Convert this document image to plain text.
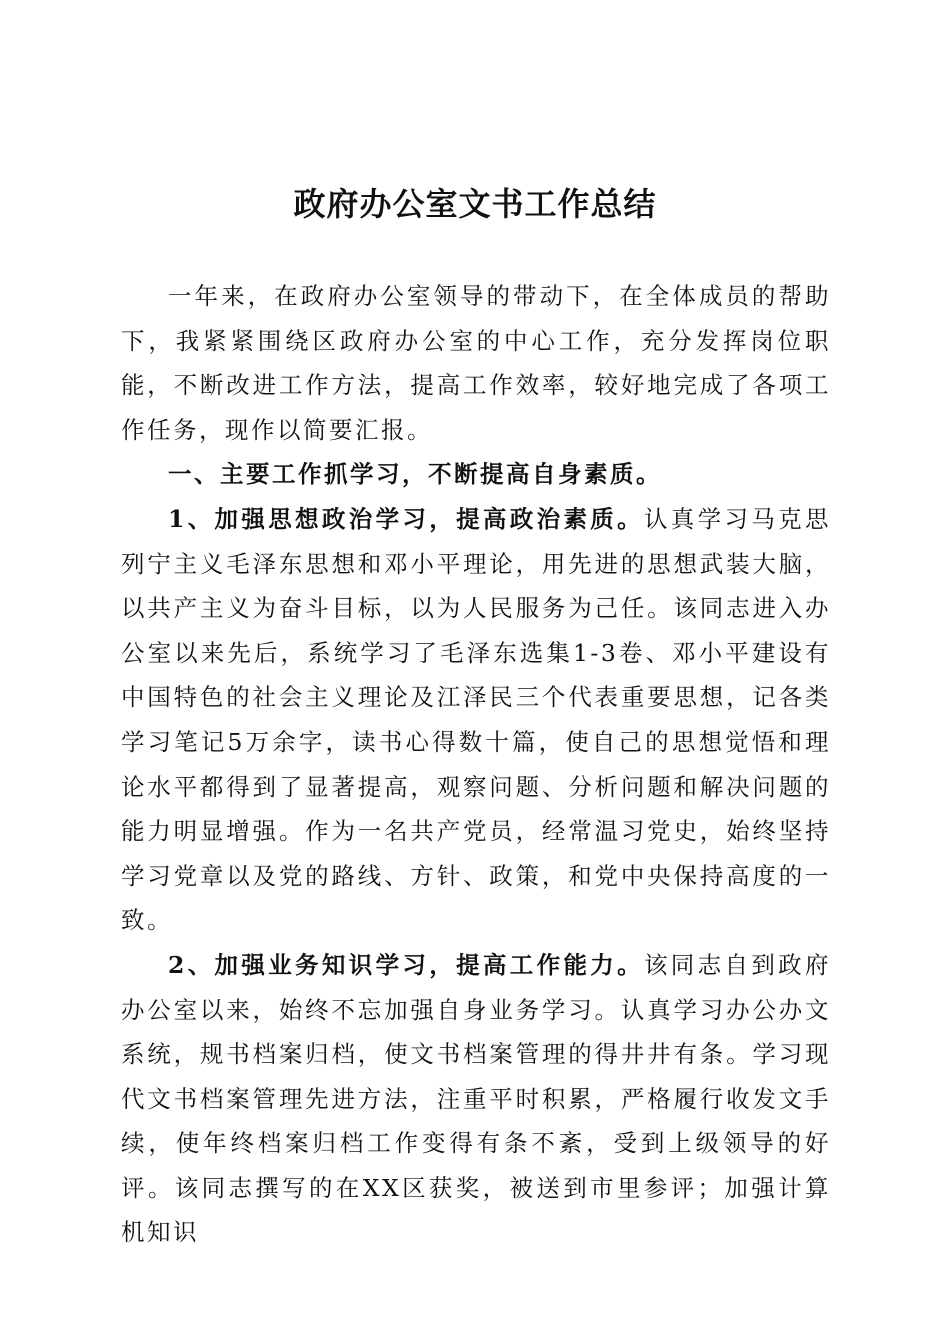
政府办公室文书工作总结

一年来，在政府办公室领导的带动下，在全体成员的帮助下，我紧紧围绕区政府办公室的中心工作，充分发挥岗位职能，不断改进工作方法，提高工作效率，较好地完成了各项工作任务，现作以简要汇报。

一、主要工作抓学习，不断提高自身素质。

1、加强思想政治学习，提高政治素质。认真学习马克思列宁主义毛泽东思想和邓小平理论，用先进的思想武装大脑，以共产主义为奋斗目标，以为人民服务为己任。该同志进入办公室以来先后，系统学习了毛泽东选集1-3卷、邓小平建设有中国特色的社会主义理论及江泽民三个代表重要思想，记各类学习笔记5万余字，读书心得数十篇，使自己的思想觉悟和理论水平都得到了显著提高，观察问题、分析问题和解决问题的能力明显增强。作为一名共产党员，经常温习党史，始终坚持学习党章以及党的路线、方针、政策，和党中央保持高度的一致。

2、加强业务知识学习，提高工作能力。该同志自到政府办公室以来，始终不忘加强自身业务学习。认真学习办公办文系统，规书档案归档，使文书档案管理的得井井有条。学习现代文书档案管理先进方法，注重平时积累，严格履行收发文手续，使年终档案归档工作变得有条不紊，受到上级领导的好评。该同志撰写的在XX区获奖，被送到市里参评；加强计算机知识
